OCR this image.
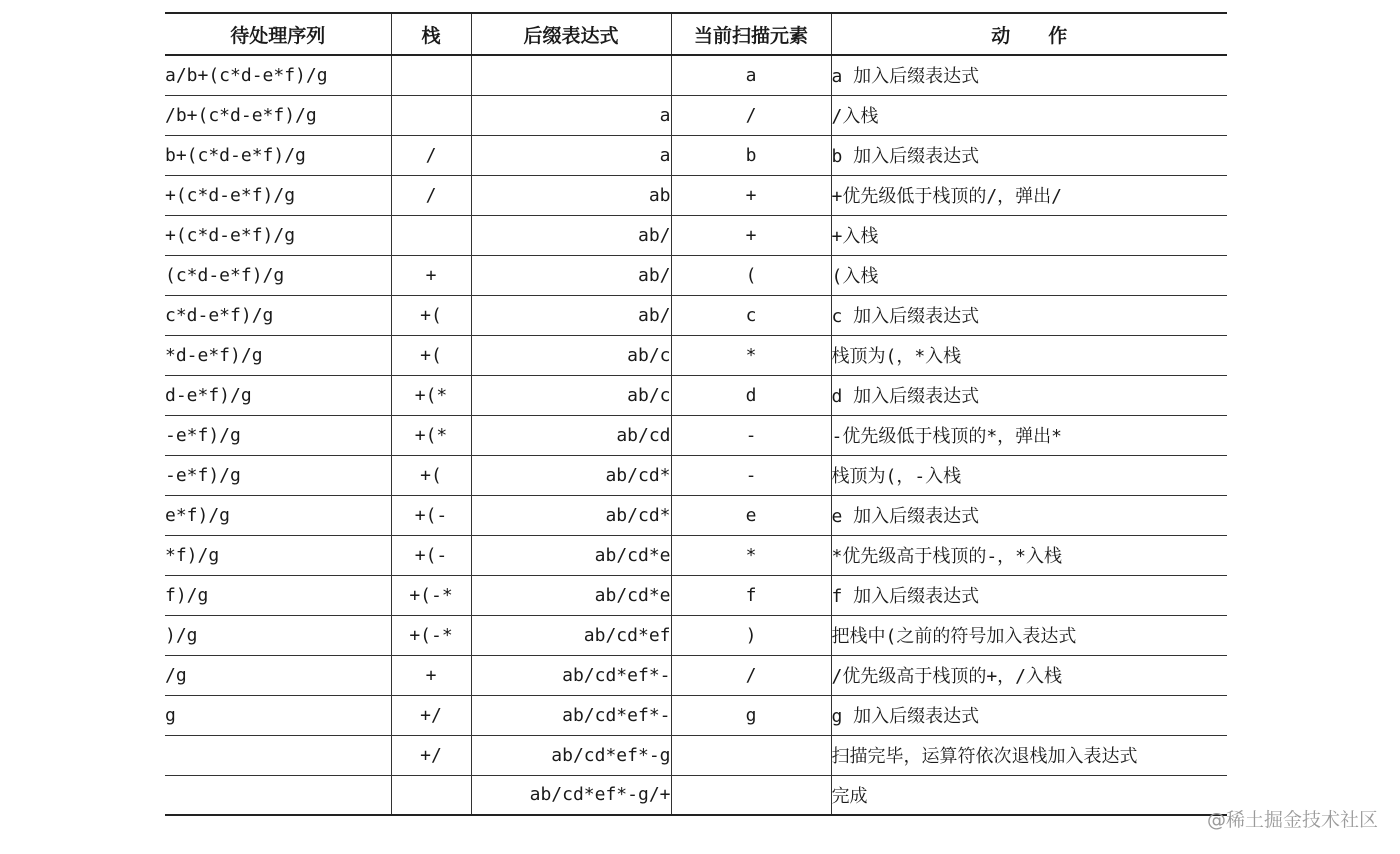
待处理序列	栈	后缀表达式	当前扫描元素	动　　作
a/b+(c*d-e*f)/g			a	a 加入后缀表达式
/b+(c*d-e*f)/g		a	/	/入栈
b+(c*d-e*f)/g	/	a	b	b 加入后缀表达式
+(c*d-e*f)/g	/	ab	+	+优先级低于栈顶的/，弹出/
+(c*d-e*f)/g		ab/	+	+入栈
(c*d-e*f)/g	+	ab/	(	(入栈
c*d-e*f)/g	+(	ab/	c	c 加入后缀表达式
*d-e*f)/g	+(	ab/c	*	栈顶为(，*入栈
d-e*f)/g	+(*	ab/c	d	d 加入后缀表达式
-e*f)/g	+(*	ab/cd	-	-优先级低于栈顶的*，弹出*
-e*f)/g	+(	ab/cd*	-	栈顶为(，-入栈
e*f)/g	+(-	ab/cd*	e	e 加入后缀表达式
*f)/g	+(-	ab/cd*e	*	*优先级高于栈顶的-，*入栈
f)/g	+(-*	ab/cd*e	f	f 加入后缀表达式
)/g	+(-*	ab/cd*ef	)	把栈中(之前的符号加入表达式
/g	+	ab/cd*ef*-	/	/优先级高于栈顶的+，/入栈
g	+/	ab/cd*ef*-	g	g 加入后缀表达式
	+/	ab/cd*ef*-g		扫描完毕，运算符依次退栈加入表达式
		ab/cd*ef*-g/+		完成
@稀土掘金技术社区
